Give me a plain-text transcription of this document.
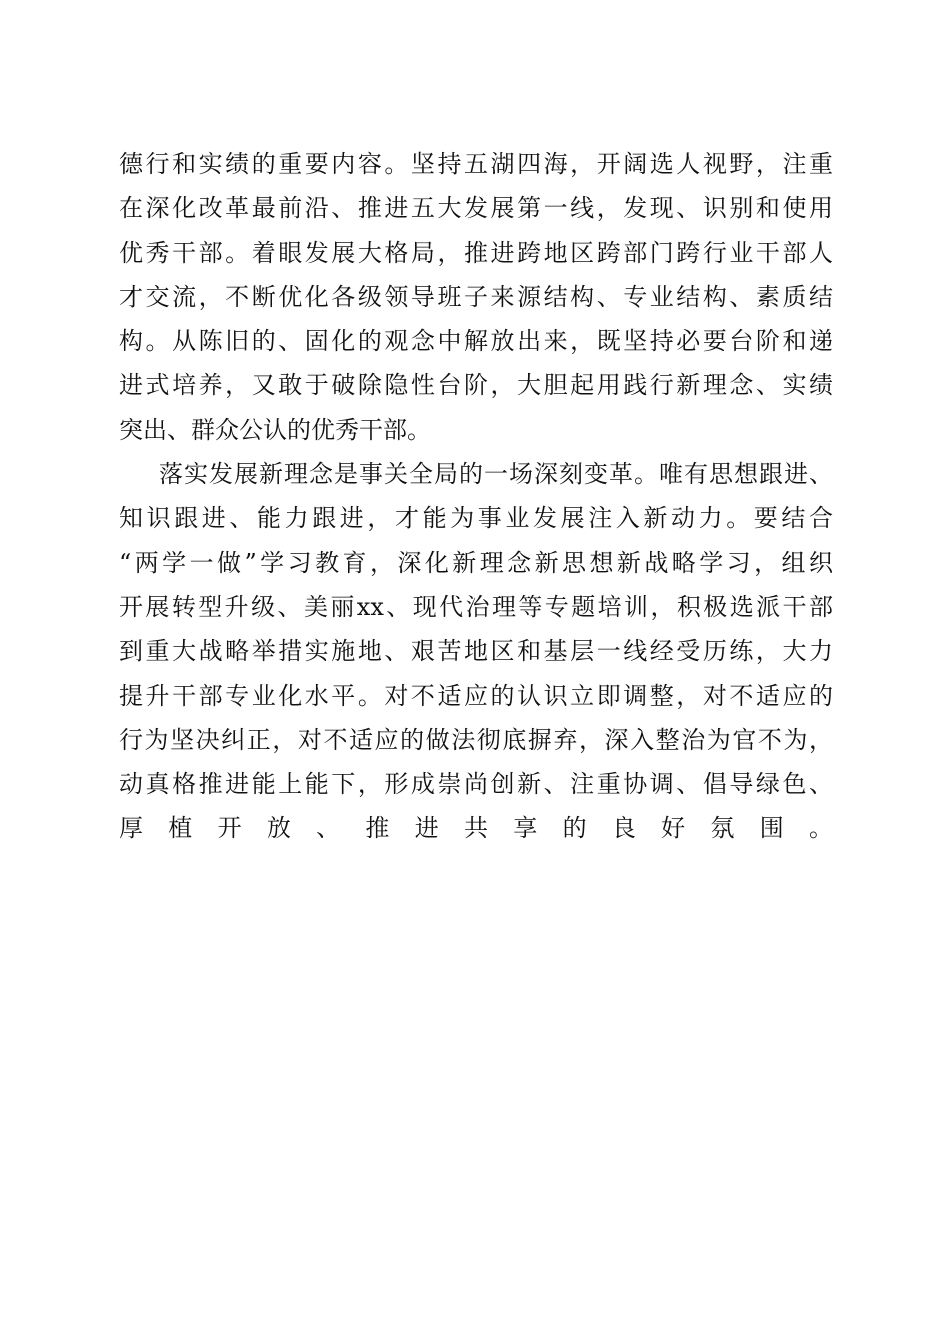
德行和实绩的重要内容。坚持五湖四海，开阔选人视野，注重
在深化改革最前沿、推进五大发展第一线，发现、识别和使用
优秀干部。着眼发展大格局，推进跨地区跨部门跨行业干部人
才交流，不断优化各级领导班子来源结构、专业结构、素质结
构。从陈旧的、固化的观念中解放出来，既坚持必要台阶和递
进式培养，又敢于破除隐性台阶，大胆起用践行新理念、实绩
突出、群众公认的优秀干部。
落实发展新理念是事关全局的一场深刻变革。唯有思想跟进、
知识跟进、能力跟进，才能为事业发展注入新动力。要结合
“两学一做”学习教育，深化新理念新思想新战略学习，组织
开展转型升级、美丽xx、现代治理等专题培训，积极选派干部
到重大战略举措实施地、艰苦地区和基层一线经受历练，大力
提升干部专业化水平。对不适应的认识立即调整，对不适应的
行为坚决纠正，对不适应的做法彻底摒弃，深入整治为官不为，
动真格推进能上能下，形成崇尚创新、注重协调、倡导绿色、
厚植开放、推进共享的良好氛围。
